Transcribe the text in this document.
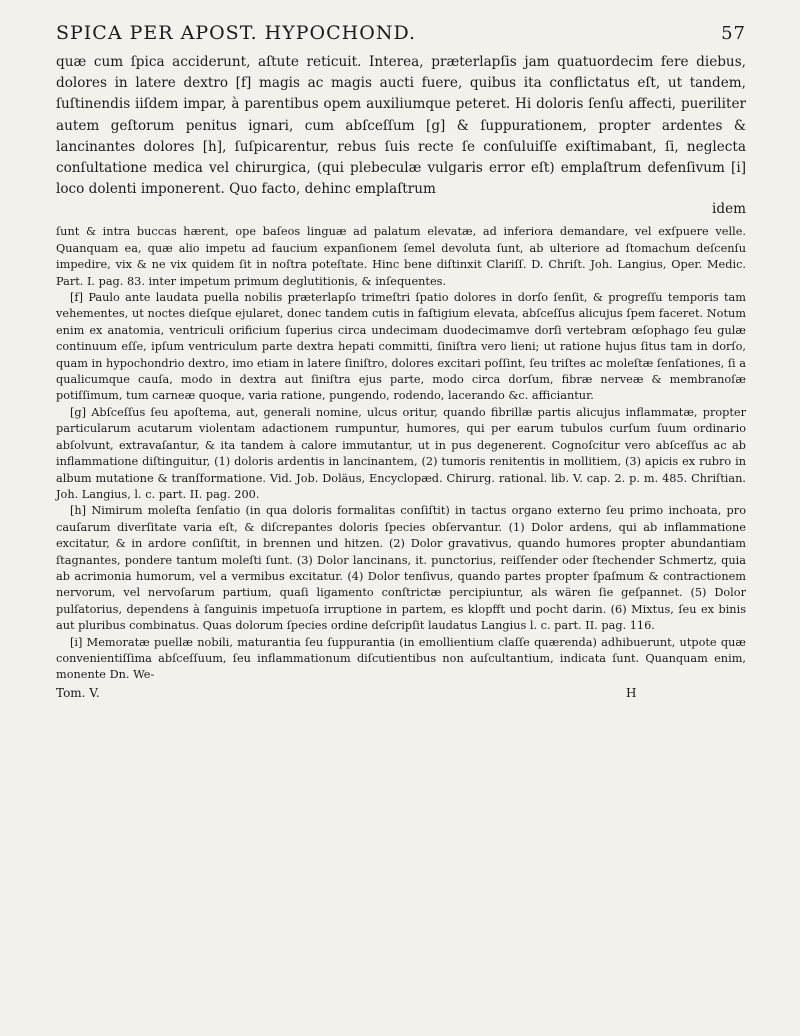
SPICA PER APOST. HYPOCHOND.	57
quæ cum ſpica acciderunt, aſtute reticuit. Interea, præterlapſis jam quatuordecim fere diebus, dolores in latere dextro [f] magis ac magis aucti fuere, quibus ita conflictatus eſt, ut tandem, ſuſtinendis iiſdem impar, à parentibus opem auxiliumque peteret. Hi doloris ſenſu affecti, pueriliter autem geſtorum penitus ignari, cum abſceſſum [g] & ſuppurationem, propter ardentes & lancinantes dolores [h], ſuſpicarentur, rebus ſuis recte ſe conſuluiſſe exiſtimabant, ſi, neglecta conſultatione medica vel chirurgica, (qui plebeculæ vulgaris error eſt) emplaſtrum defenſivum [i] loco dolenti imponerent. Quo facto, dehinc emplaſtrum
idem

ſunt & intra buccas hærent, ope baſeos linguæ ad palatum elevatæ, ad inferiora demandare, vel exſpuere velle. Quanquam ea, quæ alio impetu ad faucium expanſionem ſemel devoluta ſunt, ab ulteriore ad ſtomachum deſcenſu impedire, vix & ne vix quidem ſit in noſtra poteſtate. Hinc bene diſtinxit Clariſſ. D. Chriſt. Joh. Langius, Oper. Medic. Part. I. pag. 83. inter impetum primum deglutitionis, & inſequentes.

[f] Paulo ante laudata puella nobilis præterlapſo trimeſtri ſpatio dolores in dorſo ſenſit, & progreſſu temporis tam vehementes, ut noctes dieſque ejularet, donec tandem cutis in faſtigium elevata, abſceſſus alicujus ſpem faceret. Notum enim ex anatomia, ventriculi orificium ſuperius circa undecimam duodecimamve dorſi vertebram œſophago ſeu gulæ continuum eſſe, ipſum ventriculum parte dextra hepati committi, ſiniſtra vero lieni; ut ratione hujus ſitus tam in dorſo, quam in hypochondrio dextro, imo etiam in latere ſiniſtro, dolores excitari poſſint, ſeu triſtes ac moleſtæ ſenſationes, ſi a qualicumque cauſa, modo in dextra aut ſiniſtra ejus parte, modo circa dorſum, fibræ nerveæ & membranoſæ potiſſimum, tum carneæ quoque, varia ratione, pungendo, rodendo, lacerando &c. afficiantur.

[g] Abſceſſus ſeu apoſtema, aut, generali nomine, ulcus oritur, quando fibrillæ partis alicujus inflammatæ, propter particularum acutarum violentam adactionem rumpuntur, humores, qui per earum tubulos curſum ſuum ordinario abſolvunt, extravaſantur, & ita tandem à calore immutantur, ut in pus degenerent. Cognoſcitur vero abſceſſus ac ab inflammatione diſtinguitur, (1) doloris ardentis in lancinantem, (2) tumoris renitentis in mollitiem, (3) apicis ex rubro in album mutatione & tranſformatione. Vid. Job. Doläus, Encyclopæd. Chirurg. rational. lib. V. cap. 2. p. m. 485. Chriſtian. Joh. Langius, l. c. part. II. pag. 200.

[h] Nimirum moleſta ſenſatio (in qua doloris formalitas conſiſtit) in tactus organo externo ſeu primo inchoata, pro cauſarum diverſitate varia eſt, & diſcrepantes doloris ſpecies obſervantur. (1) Dolor ardens, qui ab inflammatione excitatur, & in ardore conſiſtit, in brennen und hitzen. (2) Dolor gravativus, quando humores propter abundantiam ſtagnantes, pondere tantum moleſti ſunt. (3) Dolor lancinans, it. punctorius, reiſſender oder ſtechender Schmertz, quia ab acrimonia humorum, vel a vermibus excitatur. (4) Dolor tenſivus, quando partes propter ſpaſmum & contractionem nervorum, vel nervoſarum partium, quaſi ligamento conſtrictæ percipiuntur, als wären ſie geſpannet. (5) Dolor pulſatorius, dependens à ſanguinis impetuoſa irruptione in partem, es klopfft und pocht darin. (6) Mixtus, ſeu ex binis aut pluribus combinatus. Quas dolorum ſpecies ordine deſcripſit laudatus Langius l. c. part. II. pag. 116.

[i] Memoratæ puellæ nobili, maturantia ſeu ſuppurantia (in emollientium claſſe quærenda) adhibuerunt, utpote quæ convenientiſſima abſceſſuum, ſeu inflammationum diſcutientibus non auſcultantium, indicata ſunt. Quanquam enim, monente Dn. We-

Tom. V.	H
